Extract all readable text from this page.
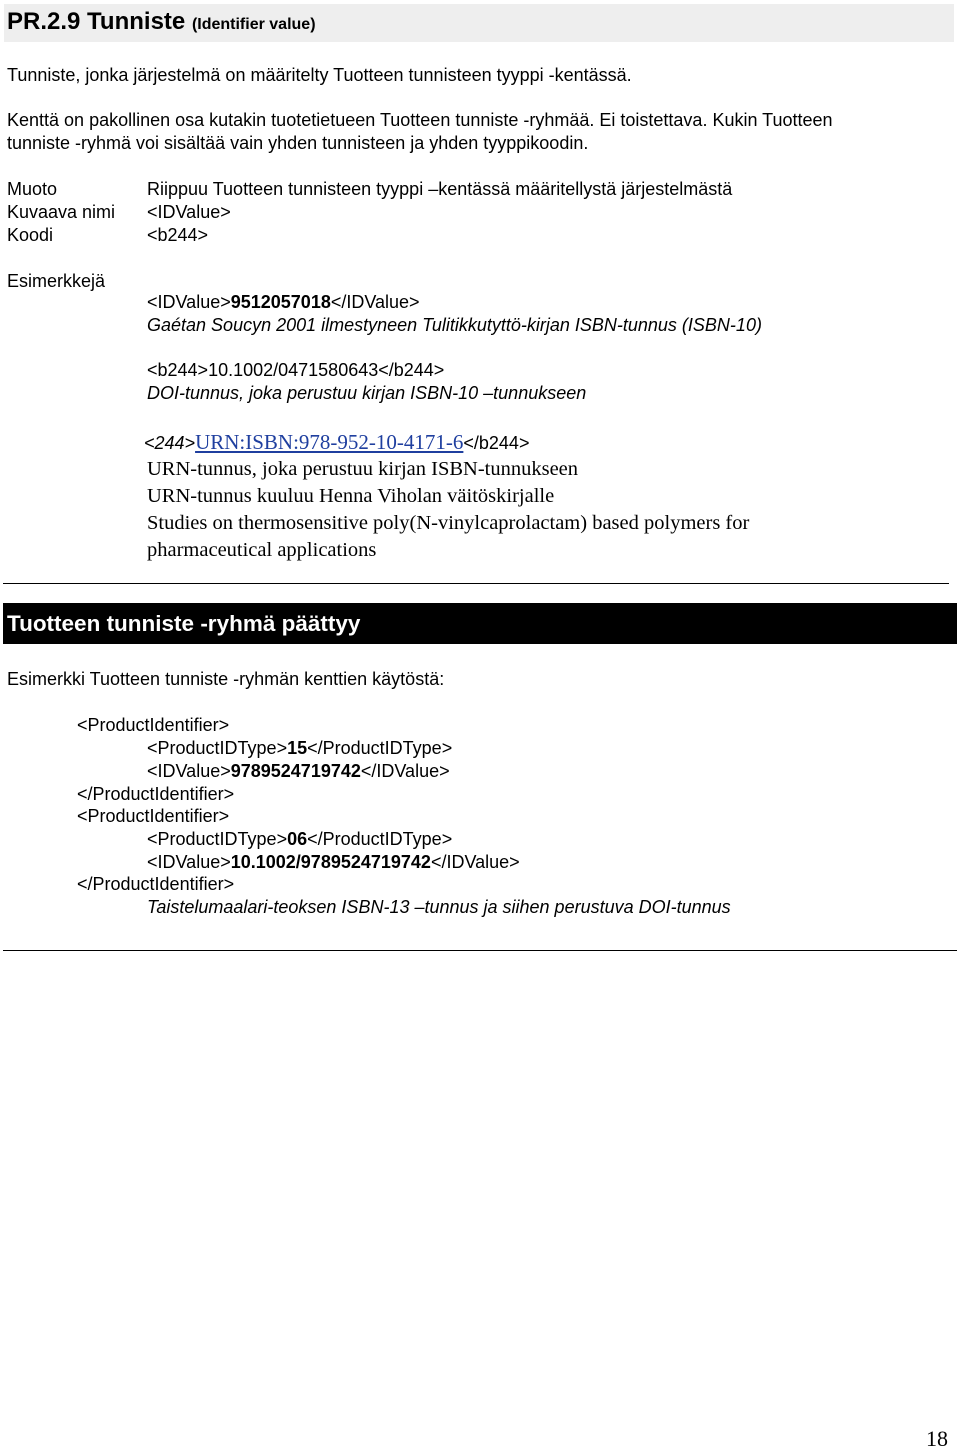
PR.2.9 Tunniste (Identifier value)
Tunniste, jonka järjestelmä on määritelty Tuotteen tunnisteen tyyppi -kentässä.
Kenttä on pakollinen osa kutakin tuotetietueen Tuotteen tunniste -ryhmää. Ei toistettava. Kukin Tuotteen
tunniste -ryhmä voi sisältää vain yhden tunnisteen ja yhden tyyppikoodin.
Muoto	Riippuu Tuotteen tunnisteen tyyppi –kentässä määritellystä järjestelmästä
Kuvaava nimi <IDValue>
Koodi	<b244>
Esimerkkejä
<IDValue>9512057018</IDValue>
Gaétan Soucyn 2001 ilmestyneen Tulitikkutyttö-kirjan ISBN-tunnus (ISBN-10)
<b244>10.1002/0471580643</b244>
DOI-tunnus, joka perustuu kirjan ISBN-10 –tunnukseen
<244>URN:ISBN:978-952-10-4171-6</b244>
URN-tunnus, joka perustuu kirjan ISBN-tunnukseen
URN-tunnus kuuluu Henna Viholan väitöskirjalle
Studies on thermosensitive poly(N-vinylcaprolactam) based polymers for
pharmaceutical applications
Tuotteen tunniste -ryhmä päättyy
Esimerkki Tuotteen tunniste -ryhmän kenttien käytöstä:
<ProductIdentifier>
<ProductIDType>15</ProductIDType>
<IDValue>9789524719742</IDValue>
</ProductIdentifier>
<ProductIdentifier>
<ProductIDType>06</ProductIDType>
<IDValue>10.1002/9789524719742</IDValue>
</ProductIdentifier>
Taistelumaalari-teoksen ISBN-13 –tunnus ja siihen perustuva DOI-tunnus
18
